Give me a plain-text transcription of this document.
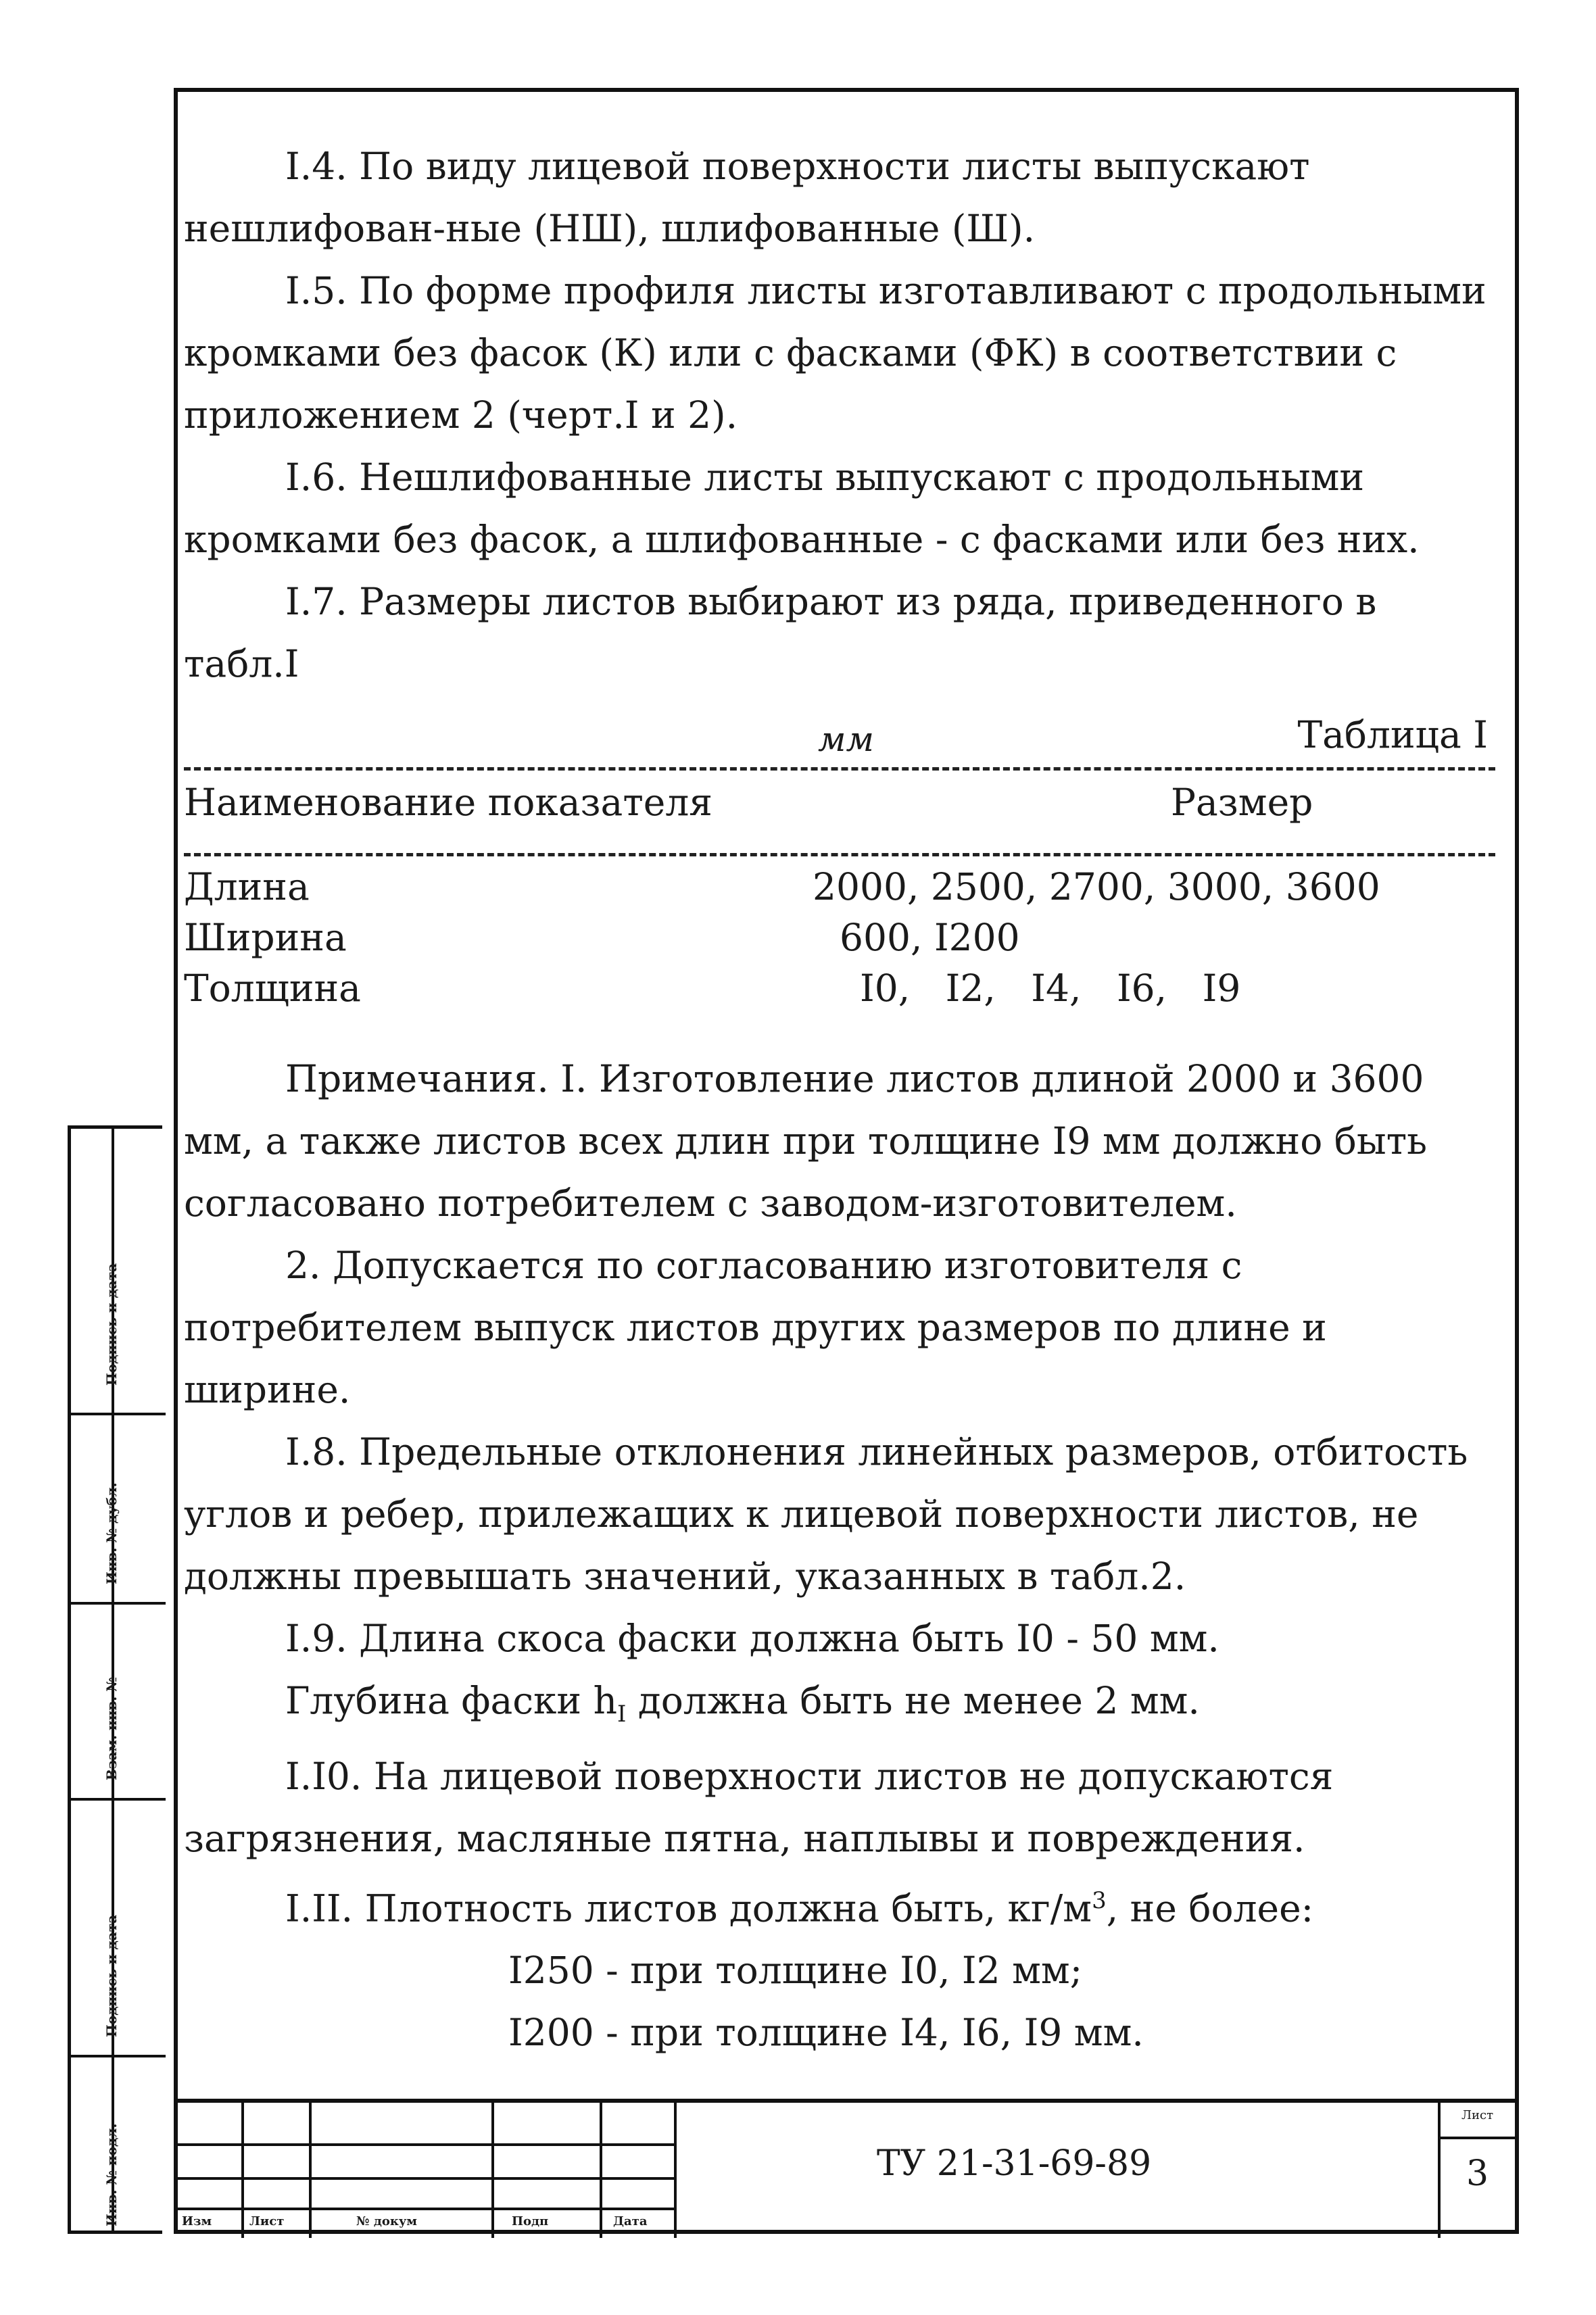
I.4. По виду лицевой поверхности листы выпускают нешлифован-ные (НШ), шлифованные (Ш).

I.5. По форме профиля листы изготавливают с продольными кромками без фасок (К) или с фасками (ФК) в соответствии с приложением 2 (черт.I и 2).

I.6. Нешлифованные листы выпускают с продольными кромками без фасок, а шлифованные - с фасками или без них.

I.7. Размеры листов выбирают из ряда, приведенного в табл.I

мм	Таблица I
Наименование показателя	Размер
Длина	2000, 2500, 2700, 3000, 3600
Ширина	600, I200
Толщина	I0,   I2,   I4,   I6,   I9

Примечания. I. Изготовление листов длиной 2000 и 3600 мм, а также листов всех длин при толщине I9 мм должно быть согласовано потребителем с заводом-изготовителем.

2. Допускается по согласованию изготовителя с потребителем выпуск листов других размеров по длине и ширине.

I.8. Предельные отклонения линейных размеров, отбитость углов и ребер, прилежащих к лицевой поверхности листов, не должны превышать значений, указанных в табл.2.

I.9. Длина скоса фаски должна быть I0 - 50 мм.

Глубина фаски $h_I$ должна быть не менее 2 мм.

I.I0. На лицевой поверхности листов не допускаются загрязнения, масляные пятна, наплывы и повреждения.

I.II. Плотность листов должна быть, $кг/м^3$, не более:

I250 - при толщине I0, I2 мм;

I200 - при толщине I4, I6, I9 мм.

Подпись и дата
Инв. № дубл.
Взам. инв. №
Подпись и дата
Инв. № подл.	Изм	Лист	№ докум	Подп	Дата
ТУ 21-31-69-89
Лист
3
